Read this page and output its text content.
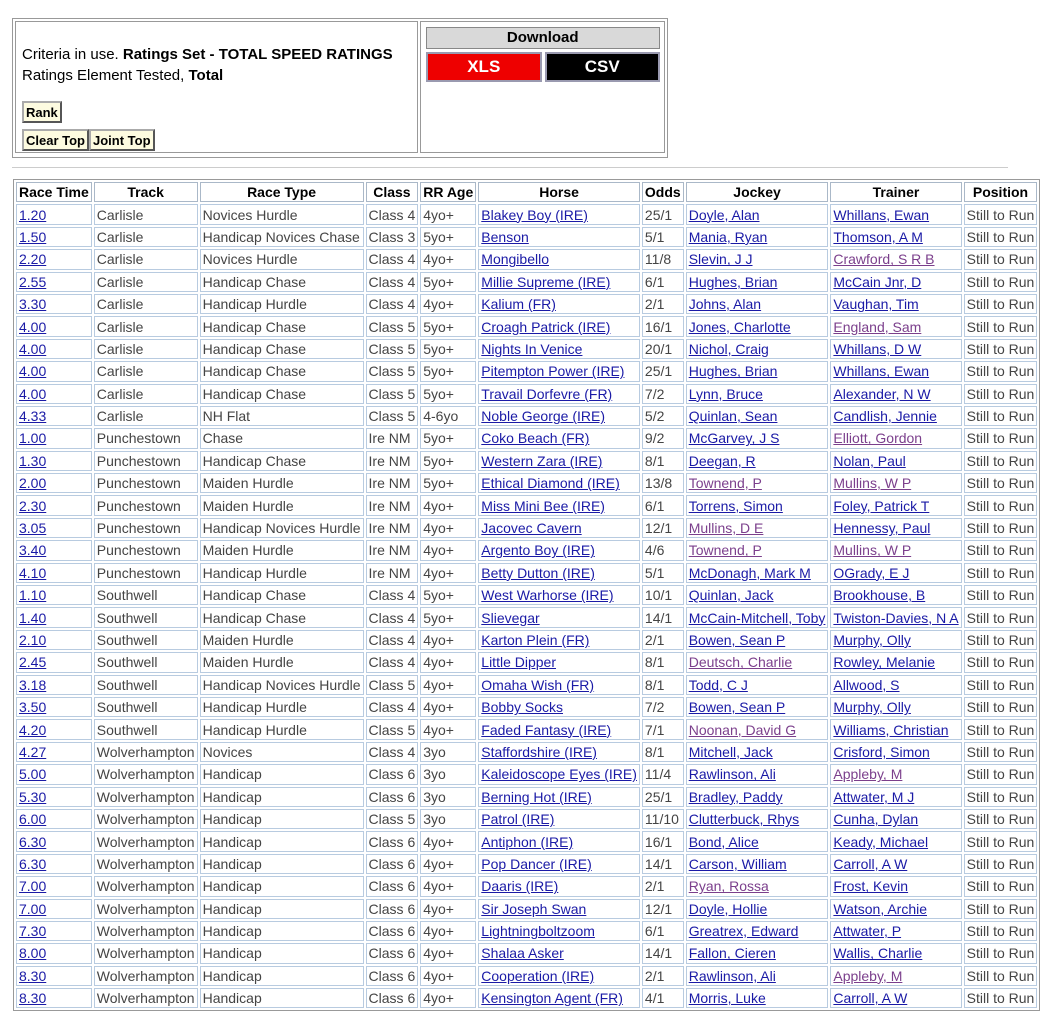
Criteria in use. Ratings Set - TOTAL SPEED RATINGS
Ratings Element Tested, Total
Rank
Clear Top Joint Top
Download
XLS	CSV
Race Time	Track	Race Type	Class	RR Age	Horse	Odds	Jockey	Trainer	Position
1.20	Carlisle	Novices Hurdle	Class 4	4yo+	Blakey Boy (IRE)	25/1	Doyle, Alan	Whillans, Ewan	Still to Run
1.50	Carlisle	Handicap Novices Chase	Class 3	5yo+	Benson	5/1	Mania, Ryan	Thomson, A M	Still to Run
2.20	Carlisle	Novices Hurdle	Class 4	4yo+	Mongibello	11/8	Slevin, J J	Crawford, S R B	Still to Run
2.55	Carlisle	Handicap Chase	Class 4	5yo+	Millie Supreme (IRE)	6/1	Hughes, Brian	McCain Jnr, D	Still to Run
3.30	Carlisle	Handicap Hurdle	Class 4	4yo+	Kalium (FR)	2/1	Johns, Alan	Vaughan, Tim	Still to Run
4.00	Carlisle	Handicap Chase	Class 5	5yo+	Croagh Patrick (IRE)	16/1	Jones, Charlotte	England, Sam	Still to Run
4.00	Carlisle	Handicap Chase	Class 5	5yo+	Nights In Venice	20/1	Nichol, Craig	Whillans, D W	Still to Run
4.00	Carlisle	Handicap Chase	Class 5	5yo+	Pitempton Power (IRE)	25/1	Hughes, Brian	Whillans, Ewan	Still to Run
4.00	Carlisle	Handicap Chase	Class 5	5yo+	Travail Dorfevre (FR)	7/2	Lynn, Bruce	Alexander, N W	Still to Run
4.33	Carlisle	NH Flat	Class 5	4-6yo	Noble George (IRE)	5/2	Quinlan, Sean	Candlish, Jennie	Still to Run
1.00	Punchestown	Chase	Ire NM	5yo+	Coko Beach (FR)	9/2	McGarvey, J S	Elliott, Gordon	Still to Run
1.30	Punchestown	Handicap Chase	Ire NM	5yo+	Western Zara (IRE)	8/1	Deegan, R	Nolan, Paul	Still to Run
2.00	Punchestown	Maiden Hurdle	Ire NM	5yo+	Ethical Diamond (IRE)	13/8	Townend, P	Mullins, W P	Still to Run
2.30	Punchestown	Maiden Hurdle	Ire NM	4yo+	Miss Mini Bee (IRE)	6/1	Torrens, Simon	Foley, Patrick T	Still to Run
3.05	Punchestown	Handicap Novices Hurdle	Ire NM	4yo+	Jacovec Cavern	12/1	Mullins, D E	Hennessy, Paul	Still to Run
3.40	Punchestown	Maiden Hurdle	Ire NM	4yo+	Argento Boy (IRE)	4/6	Townend, P	Mullins, W P	Still to Run
4.10	Punchestown	Handicap Hurdle	Ire NM	4yo+	Betty Dutton (IRE)	5/1	McDonagh, Mark M	OGrady, E J	Still to Run
1.10	Southwell	Handicap Chase	Class 4	5yo+	West Warhorse (IRE)	10/1	Quinlan, Jack	Brookhouse, B	Still to Run
1.40	Southwell	Handicap Chase	Class 4	5yo+	Slievegar	14/1	McCain-Mitchell, Toby	Twiston-Davies, N A	Still to Run
2.10	Southwell	Maiden Hurdle	Class 4	4yo+	Karton Plein (FR)	2/1	Bowen, Sean P	Murphy, Olly	Still to Run
2.45	Southwell	Maiden Hurdle	Class 4	4yo+	Little Dipper	8/1	Deutsch, Charlie	Rowley, Melanie	Still to Run
3.18	Southwell	Handicap Novices Hurdle	Class 5	4yo+	Omaha Wish (FR)	8/1	Todd, C J	Allwood, S	Still to Run
3.50	Southwell	Handicap Hurdle	Class 4	4yo+	Bobby Socks	7/2	Bowen, Sean P	Murphy, Olly	Still to Run
4.20	Southwell	Handicap Hurdle	Class 5	4yo+	Faded Fantasy (IRE)	7/1	Noonan, David G	Williams, Christian	Still to Run
4.27	Wolverhampton	Novices	Class 4	3yo	Staffordshire (IRE)	8/1	Mitchell, Jack	Crisford, Simon	Still to Run
5.00	Wolverhampton	Handicap	Class 6	3yo	Kaleidoscope Eyes (IRE)	11/4	Rawlinson, Ali	Appleby, M	Still to Run
5.30	Wolverhampton	Handicap	Class 6	3yo	Berning Hot (IRE)	25/1	Bradley, Paddy	Attwater, M J	Still to Run
6.00	Wolverhampton	Handicap	Class 5	3yo	Patrol (IRE)	11/10	Clutterbuck, Rhys	Cunha, Dylan	Still to Run
6.30	Wolverhampton	Handicap	Class 6	4yo+	Antiphon (IRE)	16/1	Bond, Alice	Keady, Michael	Still to Run
6.30	Wolverhampton	Handicap	Class 6	4yo+	Pop Dancer (IRE)	14/1	Carson, William	Carroll, A W	Still to Run
7.00	Wolverhampton	Handicap	Class 6	4yo+	Daaris (IRE)	2/1	Ryan, Rossa	Frost, Kevin	Still to Run
7.00	Wolverhampton	Handicap	Class 6	4yo+	Sir Joseph Swan	12/1	Doyle, Hollie	Watson, Archie	Still to Run
7.30	Wolverhampton	Handicap	Class 6	4yo+	Lightningboltzoom	6/1	Greatrex, Edward	Attwater, P	Still to Run
8.00	Wolverhampton	Handicap	Class 6	4yo+	Shalaa Asker	14/1	Fallon, Cieren	Wallis, Charlie	Still to Run
8.30	Wolverhampton	Handicap	Class 6	4yo+	Cooperation (IRE)	2/1	Rawlinson, Ali	Appleby, M	Still to Run
8.30	Wolverhampton	Handicap	Class 6	4yo+	Kensington Agent (FR)	4/1	Morris, Luke	Carroll, A W	Still to Run
